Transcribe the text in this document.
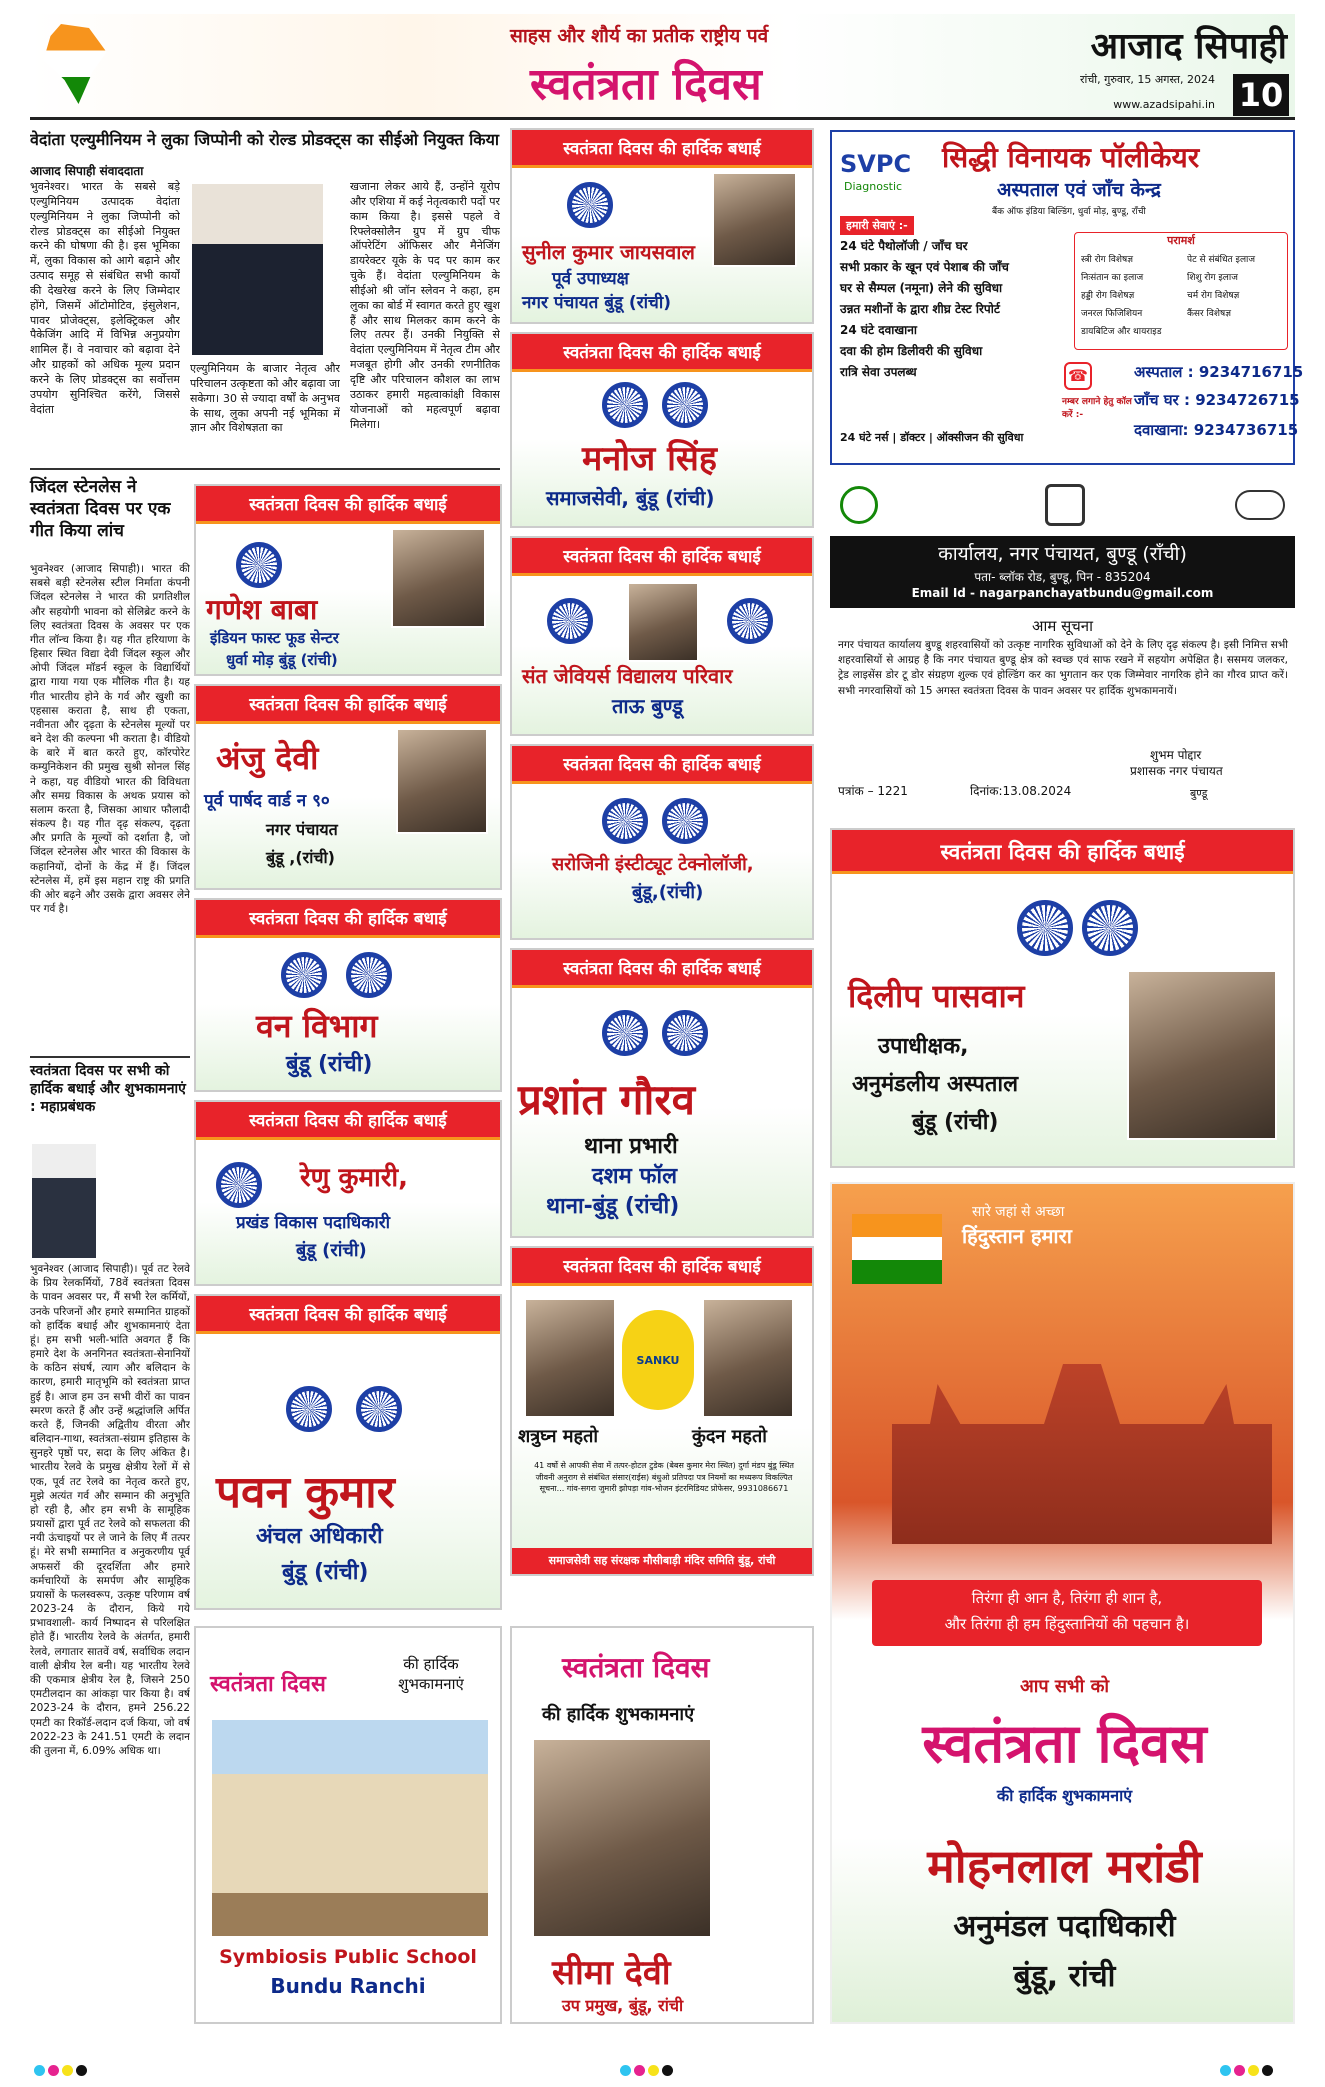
साहस और शौर्य का प्रतीक राष्ट्रीय पर्व
स्वतंत्रता दिवस
आजाद सिपाही
रांची, गुरुवार, 15 अगस्त, 2024
www.azadsipahi.in 10
वेदांता एल्युमीनियम ने लुका जिप्पोनी को रोल्ड प्रोडक्ट्स का सीईओ नियुक्त किया
आजाद सिपाही संवाददाता
भुवनेश्वर। भारत के सबसे बड़े एल्युमिनियम उत्पादक वेदांता एल्युमिनियम ने लुका जिप्पोनी को रोल्ड प्रोडक्ट्स का सीईओ नियुक्त करने की घोषणा की है। इस भूमिका में, लुका विकास को आगे बढ़ाने और उत्पाद समूह से संबंधित सभी कार्यों की देखरेख करने के लिए जिम्मेदार होंगे, जिसमें ऑटोमोटिव, इंसुलेशन, पावर प्रोजेक्ट्स, इलेक्ट्रिकल और पैकेजिंग आदि में विभिन्न अनुप्रयोग शामिल हैं। वे नवाचार को बढ़ावा देने और ग्राहकों को अधिक मूल्य प्रदान करने के लिए प्रोडक्ट्स का सर्वोत्तम उपयोग सुनिश्चित करेंगे, जिससे वेदांता
एल्युमिनियम के बाजार नेतृत्व और परिचालन उत्कृष्टता को और बढ़ावा जा सकेगा। 30 से ज्यादा वर्षों के अनुभव के साथ, लुका अपनी नई भूमिका में ज्ञान और विशेषज्ञता का
खजाना लेकर आये हैं, उन्होंने यूरोप और एशिया में कई नेतृत्वकारी पदों पर काम किया है। इससे पहले वे रिफ्लेक्सोलैन ग्रुप में ग्रुप चीफ ऑपरेटिंग ऑफिसर और मैनेजिंग डायरेक्टर यूके के पद पर काम कर चुके हैं। वेदांता एल्युमिनियम के सीईओ श्री जॉन स्लेवन ने कहा, हम लुका का बोर्ड में स्वागत करते हुए खुश हैं और साथ मिलकर काम करने के लिए तत्पर हैं। उनकी नियुक्ति से वेदांता एल्युमिनियम में नेतृत्व टीम और मजबूत होगी और उनकी रणनीतिक दृष्टि और परिचालन कौशल का लाभ उठाकर हमारी महत्वाकांक्षी विकास योजनाओं को महत्वपूर्ण बढ़ावा मिलेगा।
जिंदल स्टेनलेस ने स्वतंत्रता दिवस पर एक गीत किया लांच
भुवनेश्वर (आजाद सिपाही)। भारत की सबसे बड़ी स्टेनलेस स्टील निर्माता कंपनी जिंदल स्टेनलेस ने भारत की प्रगतिशील और सहयोगी भावना को सेलिब्रेट करने के लिए स्वतंत्रता दिवस के अवसर पर एक गीत लॉन्च किया है। यह गीत हरियाणा के हिसार स्थित विद्या देवी जिंदल स्कूल और ओपी जिंदल मॉडर्न स्कूल के विद्यार्थियों द्वारा गाया गया एक मौलिक गीत है। यह गीत भारतीय होने के गर्व और खुशी का एहसास कराता है, साथ ही एकता, नवीनता और दृढ़ता के स्टेनलेस मूल्यों पर बने देश की कल्पना भी कराता है। वीडियो के बारे में बात करते हुए, कॉरपोरेट कम्युनिकेशन की प्रमुख सुश्री सोनल सिंह ने कहा, यह वीडियो भारत की विविधता और समग्र विकास के अथक प्रयास को सलाम करता है, जिसका आधार फौलादी संकल्प है। यह गीत दृढ़ संकल्प, दृढ़ता और प्रगति के मूल्यों को दर्शाता है, जो जिंदल स्टेनलेस और भारत की विकास के कहानियों, दोनों के केंद्र में हैं। जिंदल स्टेनलेस में, हमें इस महान राष्ट्र की प्रगति की ओर बढ़ने और उसके द्वारा अवसर लेने पर गर्व है।
स्वतंत्रता दिवस पर सभी को हार्दिक बधाई और शुभकामनाएं : महाप्रबंधक
भुवनेश्वर (आजाद सिपाही)। पूर्व तट रेलवे के प्रिय रेलकर्मियों, 78वें स्वतंत्रता दिवस के पावन अवसर पर, मैं सभी रेल कर्मियों, उनके परिजनों और हमारे सम्मानित ग्राहकों को हार्दिक बधाई और शुभकामनाएं देता हूं। हम सभी भली-भांति अवगत हैं कि हमारे देश के अनगिनत स्वतंत्रता-सेनानियों के कठिन संघर्ष, त्याग और बलिदान के कारण, हमारी मातृभूमि को स्वतंत्रता प्राप्त हुई है। आज हम उन सभी वीरों का पावन स्मरण करते हैं और उन्हें श्रद्धांजलि अर्पित करते हैं, जिनकी अद्वितीय वीरता और बलिदान-गाथा, स्वतंत्रता-संग्राम इतिहास के सुनहरे पृष्ठों पर, सदा के लिए अंकित है। भारतीय रेलवे के प्रमुख क्षेत्रीय रेलों में से एक, पूर्व तट रेलवे का नेतृत्व करते हुए, मुझे अत्यंत गर्व और सम्मान की अनुभूति हो रही है, और हम सभी के सामूहिक प्रयासों द्वारा पूर्व तट रेलवे को सफलता की नयी ऊंचाइयों पर ले जाने के लिए मैं तत्पर हूं। मेरे सभी सम्मानित व अनुकरणीय पूर्व अफसरों की दूरदर्शिता और हमारे कर्मचारियों के समर्पण और सामूहिक प्रयासों के फलस्वरूप, उत्कृष्ट परिणाम वर्ष 2023-24 के दौरान, किये गये प्रभावशाली- कार्य निष्पादन से परिलक्षित होते हैं। भारतीय रेलवे के अंतर्गत, हमारी रेलवे, लगातार सातवें वर्ष, सर्वाधिक लदान वाली क्षेत्रीय रेल बनी। यह भारतीय रेलवे की एकमात्र क्षेत्रीय रेल है, जिसने 250 एमटीलदान का आंकड़ा पार किया है। वर्ष 2023-24 के दौरान, हमने 256.22 एमटी का रिकॉर्ड-लदान दर्ज किया, जो वर्ष 2022-23 के 241.51 एमटी के लदान की तुलना में, 6.09% अधिक था।
स्वतंत्रता दिवस की हार्दिक बधाई
सुनील कुमार जायसवाल
पूर्व उपाध्यक्ष
नगर पंचायत बुंडू (रांची)
स्वतंत्रता दिवस की हार्दिक बधाई
मनोज सिंह
समाजसेवी, बुंडू (रांची)
स्वतंत्रता दिवस की हार्दिक बधाई
संत जेवियर्स विद्यालय परिवार
ताऊ बुण्डू
स्वतंत्रता दिवस की हार्दिक बधाई
सरोजिनी इंस्टीट्यूट टेक्नोलॉजी,
बुंडू,(रांची)
स्वतंत्रता दिवस की हार्दिक बधाई
प्रशांत गौरव
थाना प्रभारी
दशम फॉल
थाना-बुंडू (रांची)
स्वतंत्रता दिवस की हार्दिक बधाई
SANKU
शत्रुघ्न महतो	कुंदन महतो
41 वर्षो से आपकी सेवा में तत्पर-होटल टुडेक (बेबस कुमार मेरा स्थित) दुर्गा मंडप बुंडू स्थित जीवनी अनुराग से संबंधित संसार(राईस) बंधुओ प्रतिपदा पत्र नियमों का मध्यरूप विकल्पित सूचना... गांव-सगरा जुमारी झोपड़ा गांव-भोजन इंटरमिडियट प्रोफेसर, 9931086671
समाजसेवी सह संरक्षक मौसीबाड़ी मंदिर समिति बुंडू, रांची
स्वतंत्रता दिवस की हार्दिक बधाई
गणेश बाबा
इंडियन फास्ट फूड सेन्टर
धुर्वा मोड़ बुंडू (रांची)
स्वतंत्रता दिवस की हार्दिक बधाई
अंजु देवी
पूर्व पार्षद वार्ड न ९०
नगर पंचायत
बुंडू ,(रांची)
स्वतंत्रता दिवस की हार्दिक बधाई
वन विभाग
बुंडू (रांची)
स्वतंत्रता दिवस की हार्दिक बधाई
रेणु कुमारी,
प्रखंड विकास पदाधिकारी
बुंडू (रांची)
स्वतंत्रता दिवस की हार्दिक बधाई
पवन कुमार
अंचल अधिकारी
बुंडू (रांची)
स्वतंत्रता दिवस
की हार्दिक शुभकामनाएं
Symbiosis Public School
Bundu Ranchi
स्वतंत्रता दिवस
की हार्दिक शुभकामनाएं
सीमा देवी
उप प्रमुख, बुंडू, रांची
SVPC
Diagnostic
सिद्धी विनायक पॉलीकेयर
अस्पताल एवं जाँच केन्द्र
बैंक ऑफ इंडिया बिल्डिंग, धुर्वा मोड़, बुण्डू, राँची
हमारी सेवाएं :-
24 घंटे पैथोलॉजी / जाँच घर
सभी प्रकार के खून एवं पेशाब की जाँच
घर से सैम्पल (नमूना) लेने की सुविधा
उन्नत मशीनों के द्वारा शीघ्र टेस्ट रिपोर्ट
24 घंटे दवाखाना
दवा की होम डिलीवरी की सुविधा
रात्रि सेवा उपलब्ध
परामर्श
स्त्री रोग विशेषज्ञ
निःसंतान का इलाज
हड्डी रोग विशेषज्ञ
जनरल फिजिशियन
डायबिटिज और थायराइड
पेट से संबंधित इलाज
शिशु रोग इलाज
चर्म रोग विशेषज्ञ
कैंसर विशेषज्ञ
☎
नम्बर लगाने हेतु कॉल करें :-
अस्पताल : 9234716715
जाँच घर : 9234726715
दवाखाना: 9234736715
24 घंटे नर्स | डॉक्टर | ऑक्सीजन की सुविधा
कार्यालय, नगर पंचायत, बुण्डू (राँची)
पता- ब्लॉक रोड, बुण्डू, पिन - 835204
Email Id - nagarpanchayatbundu@gmail.com
आम सूचना
नगर पंचायत कार्यालय बुण्डू शहरवासियों को उत्कृष्ट नागरिक सुविधाओं को देने के लिए दृढ़ संकल्प है। इसी निमित्त सभी शहरवासियों से आग्रह है कि नगर पंचायत बुण्डू क्षेत्र को स्वच्छ एवं साफ रखने में सहयोग अपेक्षित है। ससमय जलकर, ट्रेड लाइसेंस डोर टू डोर संग्रहण शुल्क एवं होल्डिंग कर का भुगतान कर एक जिम्मेवार नागरिक होने का गौरव प्राप्त करें। सभी नगरवासियों को 15 अगस्त स्वतंत्रता दिवस के पावन अवसर पर हार्दिक शुभकामनायें।
शुभम पोद्दार
प्रशासक नगर पंचायत
पत्रांक – 1221	दिनांक:13.08.2024	बुण्डू
स्वतंत्रता दिवस की हार्दिक बधाई
दिलीप पासवान
उपाधीक्षक,
अनुमंडलीय अस्पताल
बुंडू (रांची)
सारे जहां से अच्छा
हिंदुस्तान हमारा
तिरंगा ही आन है, तिरंगा ही शान है,
और तिरंगा ही हम हिंदुस्तानियों की पहचान है।
आप सभी को
स्वतंत्रता दिवस
की हार्दिक शुभकामनाएं
मोहनलाल मरांडी
अनुमंडल पदाधिकारी
बुंडू, रांची
